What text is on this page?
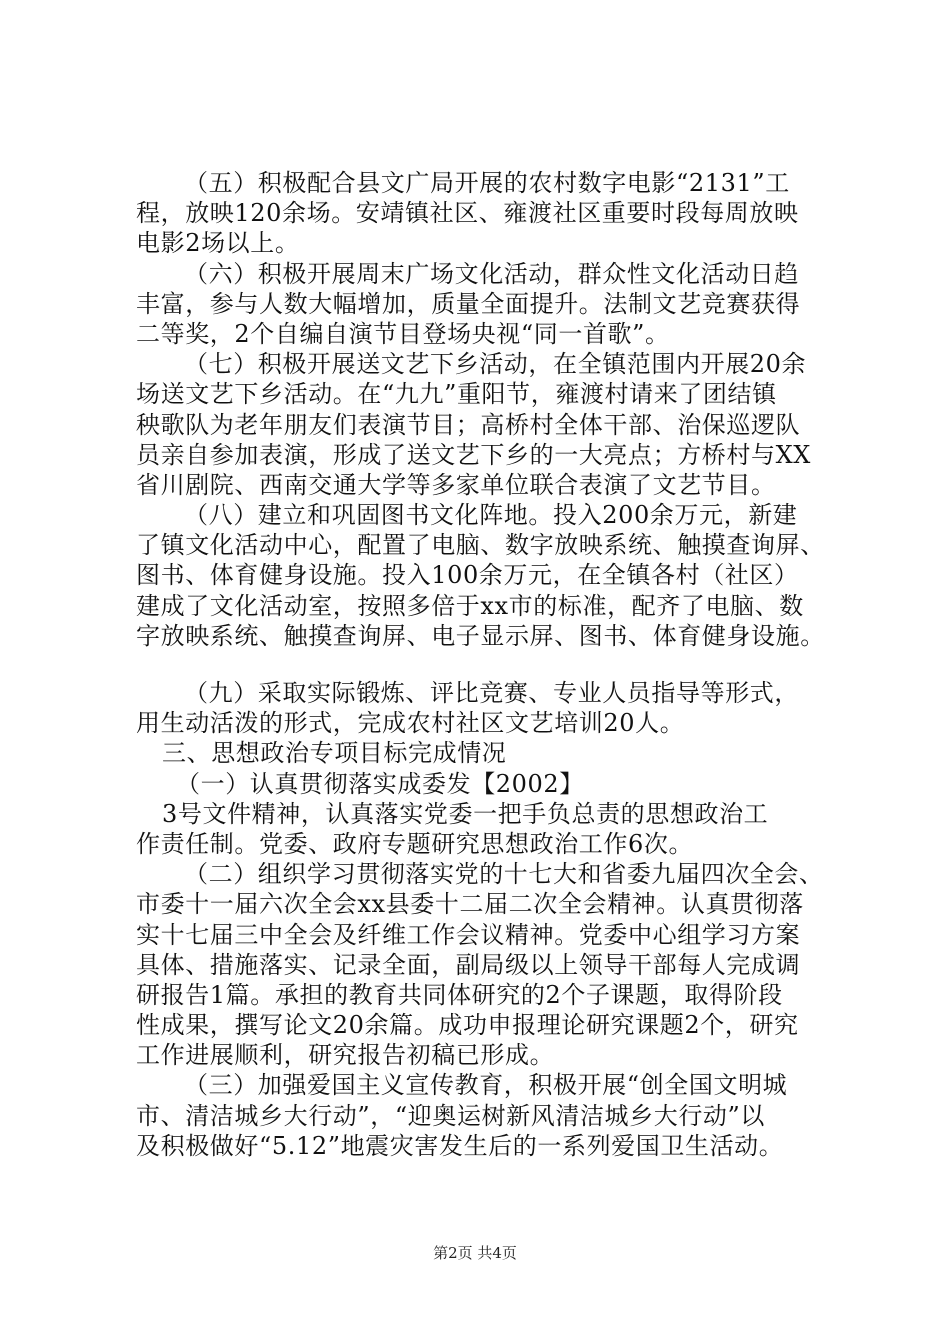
（五）积极配合县文广局开展的农村数字电影“2131”工
程，放映120余场。安靖镇社区、雍渡社区重要时段每周放映
电影2场以上。
（六）积极开展周末广场文化活动，群众性文化活动日趋
丰富，参与人数大幅增加，质量全面提升。法制文艺竞赛获得
二等奖，2个自编自演节目登场央视“同一首歌”。
（七）积极开展送文艺下乡活动，在全镇范围内开展20余
场送文艺下乡活动。在“九九”重阳节，雍渡村请来了团结镇
秧歌队为老年朋友们表演节目；高桥村全体干部、治保巡逻队
员亲自参加表演，形成了送文艺下乡的一大亮点；方桥村与XX
省川剧院、西南交通大学等多家单位联合表演了文艺节目。
（八）建立和巩固图书文化阵地。投入200余万元，新建
了镇文化活动中心，配置了电脑、数字放映系统、触摸查询屏、
图书、体育健身设施。投入100余万元，在全镇各村（社区）
建成了文化活动室，按照多倍于xx市的标准，配齐了电脑、数
字放映系统、触摸查询屏、电子显示屏、图书、体育健身设施。
（九）采取实际锻炼、评比竞赛、专业人员指导等形式，
用生动活泼的形式，完成农村社区文艺培训20人。
三、思想政治专项目标完成情况
（一）认真贯彻落实成委发【2002】
3号文件精神，认真落实党委一把手负总责的思想政治工
作责任制。党委、政府专题研究思想政治工作6次。
（二）组织学习贯彻落实党的十七大和省委九届四次全会、
市委十一届六次全会xx县委十二届二次全会精神。认真贯彻落
实十七届三中全会及纤维工作会议精神。党委中心组学习方案
具体、措施落实、记录全面，副局级以上领导干部每人完成调
研报告1篇。承担的教育共同体研究的2个子课题，取得阶段
性成果，撰写论文20余篇。成功申报理论研究课题2个，研究
工作进展顺利，研究报告初稿已形成。
（三）加强爱国主义宣传教育，积极开展“创全国文明城
市、清洁城乡大行动”，“迎奥运树新风清洁城乡大行动”以
及积极做好“5.12”地震灾害发生后的一系列爱国卫生活动。
第2页 共4页
